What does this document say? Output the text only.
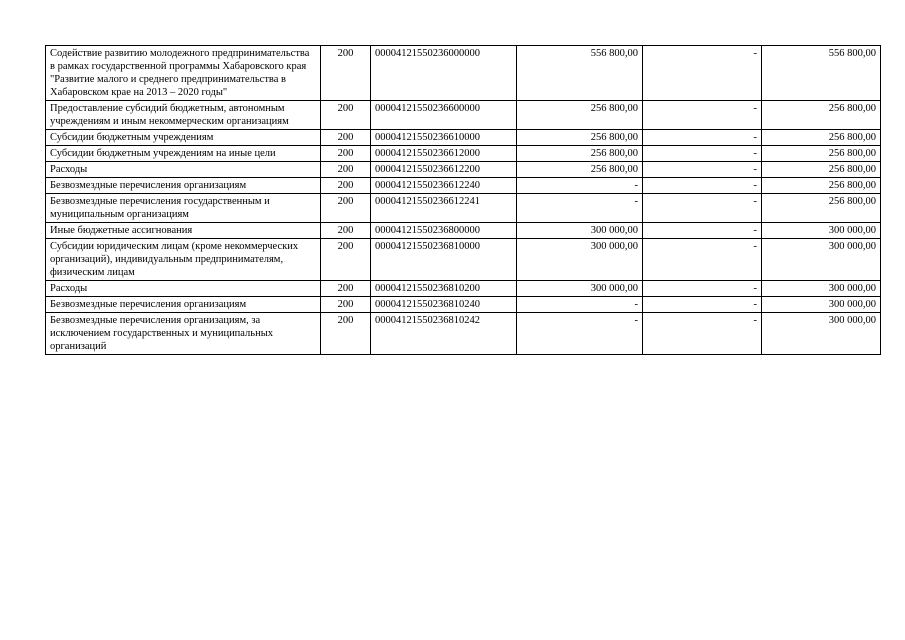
Содействие развитию молодежного предпринимательства в рамках государственной программы Хабаровского края "Развитие малого и среднего предпринимательства в Хабаровском крае на 2013 – 2020 годы"	200	00004121550236000000	556 800,00	-	556 800,00
Предоставление субсидий бюджетным, автономным учреждениям и иным некоммерческим организациям	200	00004121550236600000	256 800,00	-	256 800,00
Субсидии бюджетным учреждениям	200	00004121550236610000	256 800,00	-	256 800,00
Субсидии бюджетным учреждениям на иные цели	200	00004121550236612000	256 800,00	-	256 800,00
Расходы	200	00004121550236612200	256 800,00	-	256 800,00
Безвозмездные перечисления организациям	200	00004121550236612240	-	-	256 800,00
Безвозмездные перечисления государственным и муниципальным организациям	200	00004121550236612241	-	-	256 800,00
Иные бюджетные ассигнования	200	00004121550236800000	300 000,00	-	300 000,00
Субсидии юридическим лицам (кроме некоммерческих организаций), индивидуальным предпринимателям, физическим лицам	200	00004121550236810000	300 000,00	-	300 000,00
Расходы	200	00004121550236810200	300 000,00	-	300 000,00
Безвозмездные перечисления организациям	200	00004121550236810240	-	-	300 000,00
Безвозмездные перечисления организациям, за исключением государственных и муниципальных организаций	200	00004121550236810242	-	-	300 000,00
